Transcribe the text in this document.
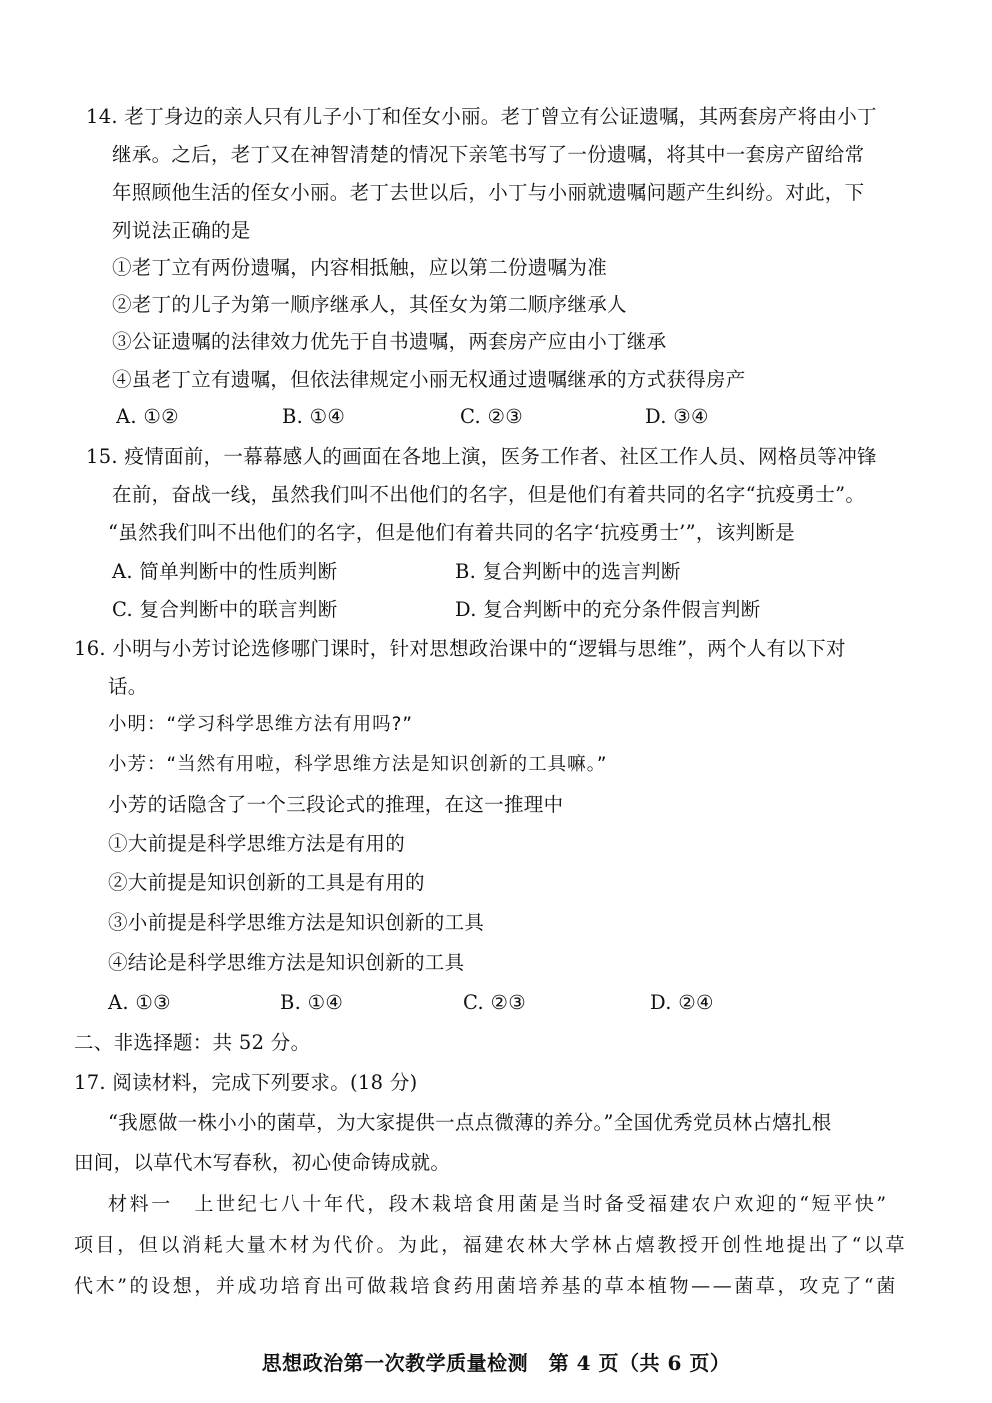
14. 老丁身边的亲人只有儿子小丁和侄女小丽。老丁曾立有公证遗嘱，其两套房产将由小丁
继承。之后，老丁又在神智清楚的情况下亲笔书写了一份遗嘱，将其中一套房产留给常
年照顾他生活的侄女小丽。老丁去世以后，小丁与小丽就遗嘱问题产生纠纷。对此，下
列说法正确的是
①老丁立有两份遗嘱，内容相抵触，应以第二份遗嘱为准
②老丁的儿子为第一顺序继承人，其侄女为第二顺序继承人
③公证遗嘱的法律效力优先于自书遗嘱，两套房产应由小丁继承
④虽老丁立有遗嘱，但依法律规定小丽无权通过遗嘱继承的方式获得房产
A. ①②	B. ①④	C. ②③	D. ③④
15. 疫情面前，一幕幕感人的画面在各地上演，医务工作者、社区工作人员、网格员等冲锋
在前，奋战一线，虽然我们叫不出他们的名字，但是他们有着共同的名字“抗疫勇士”。
“虽然我们叫不出他们的名字，但是他们有着共同的名字‘抗疫勇士’”，该判断是
A. 简单判断中的性质判断	B. 复合判断中的选言判断
C. 复合判断中的联言判断	D. 复合判断中的充分条件假言判断
16. 小明与小芳讨论选修哪门课时，针对思想政治课中的“逻辑与思维”，两个人有以下对
话。
小明：“学习科学思维方法有用吗?”
小芳：“当然有用啦，科学思维方法是知识创新的工具嘛。”
小芳的话隐含了一个三段论式的推理，在这一推理中
①大前提是科学思维方法是有用的
②大前提是知识创新的工具是有用的
③小前提是科学思维方法是知识创新的工具
④结论是科学思维方法是知识创新的工具
A. ①③	B. ①④	C. ②③	D. ②④
二、非选择题：共 52 分。
17. 阅读材料，完成下列要求。(18 分)
“我愿做一株小小的菌草，为大家提供一点点微薄的养分。”全国优秀党员林占熺扎根
田间，以草代木写春秋，初心使命铸成就。
材料一　上世纪七八十年代，段木栽培食用菌是当时备受福建农户欢迎的“短平快”
项目，但以消耗大量木材为代价。为此，福建农林大学林占熺教授开创性地提出了“以草
代木”的设想，并成功培育出可做栽培食药用菌培养基的草本植物——菌草，攻克了“菌
思想政治第一次教学质量检测　第 4 页（共 6 页）
